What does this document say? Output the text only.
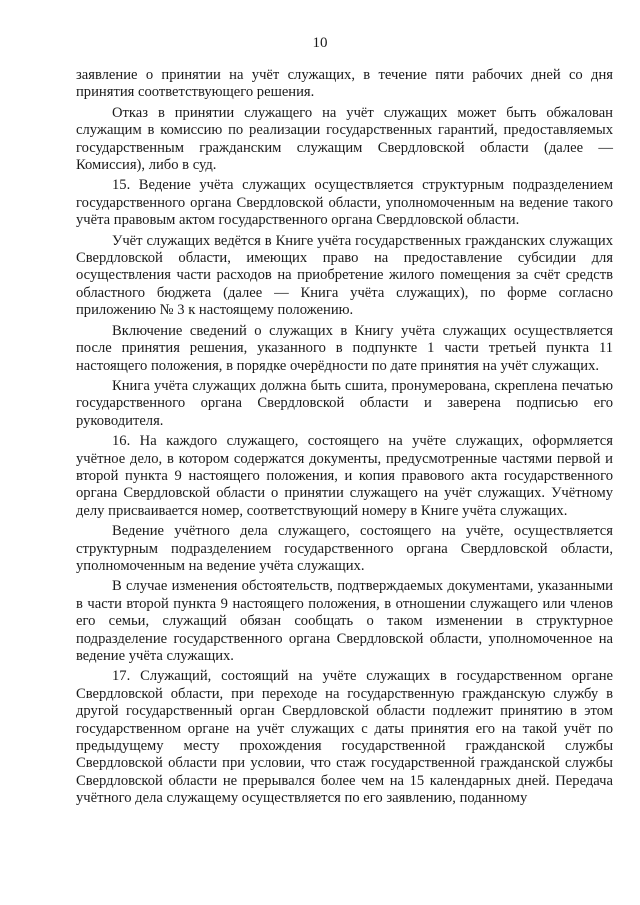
10

заявление о принятии на учёт служащих, в течение пяти рабочих дней со дня принятия соответствующего решения.

Отказ в принятии служащего на учёт служащих может быть обжалован служащим в комиссию по реализации государственных гарантий, предоставляемых государственным гражданским служащим Свердловской области (далее — Комиссия), либо в суд.

15. Ведение учёта служащих осуществляется структурным подразделением государственного органа Свердловской области, уполномоченным на ведение такого учёта правовым актом государственного органа Свердловской области.

Учёт служащих ведётся в Книге учёта государственных гражданских служащих Свердловской области, имеющих право на предоставление субсидии для осуществления части расходов на приобретение жилого помещения за счёт средств областного бюджета (далее — Книга учёта служащих), по форме согласно приложению № 3 к настоящему положению.

Включение сведений о служащих в Книгу учёта служащих осуществляется после принятия решения, указанного в подпункте 1 части третьей пункта 11 настоящего положения, в порядке очерёдности по дате принятия на учёт служащих.

Книга учёта служащих должна быть сшита, пронумерована, скреплена печатью государственного органа Свердловской области и заверена подписью его руководителя.

16. На каждого служащего, состоящего на учёте служащих, оформляется учётное дело, в котором содержатся документы, предусмотренные частями первой и второй пункта 9 настоящего положения, и копия правового акта государственного органа Свердловской области о принятии служащего на учёт служащих. Учётному делу присваивается номер, соответствующий номеру в Книге учёта служащих.

Ведение учётного дела служащего, состоящего на учёте, осуществляется структурным подразделением государственного органа Свердловской области, уполномоченным на ведение учёта служащих.

В случае изменения обстоятельств, подтверждаемых документами, указанными в части второй пункта 9 настоящего положения, в отношении служащего или членов его семьи, служащий обязан сообщать о таком изменении в структурное подразделение государственного органа Свердловской области, уполномоченное на ведение учёта служащих.

17. Служащий, состоящий на учёте служащих в государственном органе Свердловской области, при переходе на государственную гражданскую службу в другой государственный орган Свердловской области подлежит принятию в этом государственном органе на учёт служащих с даты принятия его на такой учёт по предыдущему месту прохождения государственной гражданской службы Свердловской области при условии, что стаж государственной гражданской службы Свердловской области не прерывался более чем на 15 календарных дней. Передача учётного дела служащему осуществляется по его заявлению, поданному
